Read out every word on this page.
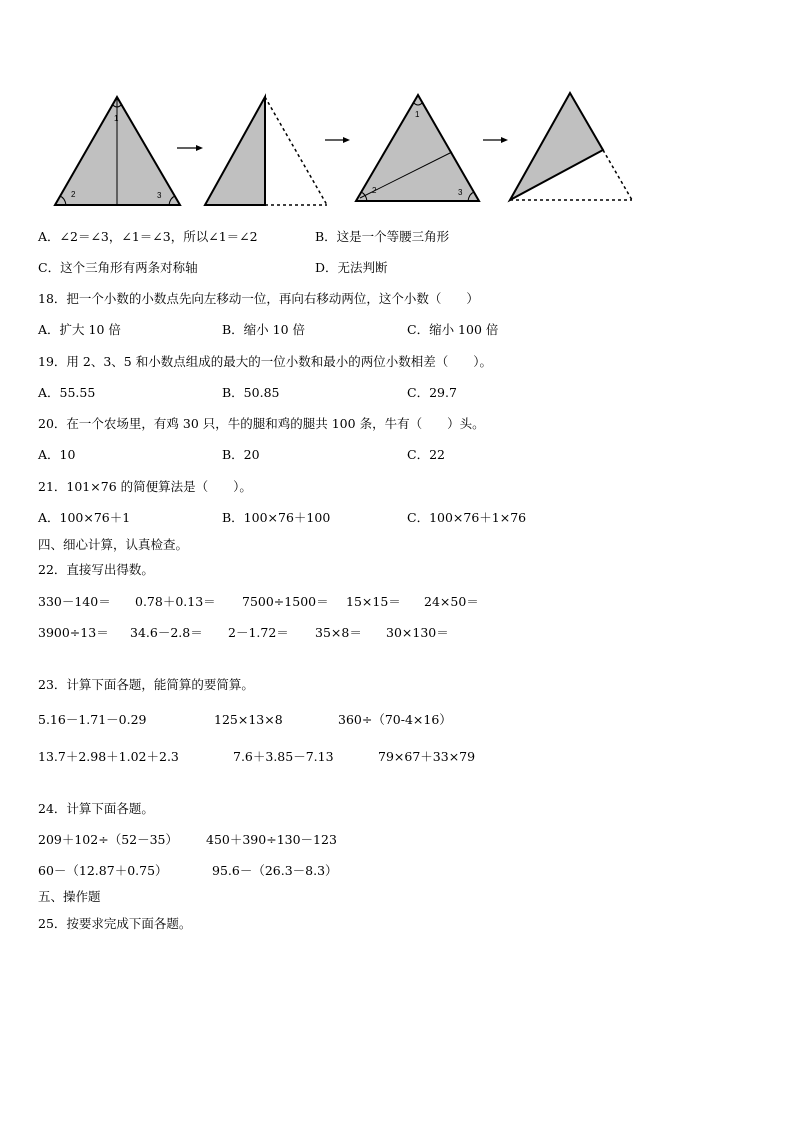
1
2	3
1
2	3
A．∠2＝∠3，∠1＝∠3，所以∠1＝∠2	B．这是一个等腰三角形
C．这个三角形有两条对称轴	D．无法判断
18．把一个小数的小数点先向左移动一位，再向右移动两位，这个小数（　　）
A．扩大 10 倍	B．缩小 10 倍	C．缩小 100 倍
19．用 2、3、5 和小数点组成的最大的一位小数和最小的两位小数相差（　　）。
A．55.55	B．50.85	C．29.7
20．在一个农场里，有鸡 30 只，牛的腿和鸡的腿共 100 条，牛有（　　）头。
A．10	B．20	C．22
21．101×76 的简便算法是（　　）。
A．100×76＋1	B．100×76＋100	C．100×76＋1×76
四、细心计算，认真检查。
22．直接写出得数。
330－140＝ 0.78＋0.13＝ 7500÷1500＝ 15×15＝ 24×50＝
3900÷13＝ 34.6－2.8＝ 2－1.72＝ 35×8＝ 30×130＝
23．计算下面各题，能简算的要简算。
5.16－1.71－0.29	125×13×8	360÷（70-4×16）
13.7＋2.98＋1.02＋2.3	7.6＋3.85－7.13	79×67＋33×79
24．计算下面各题。
209＋102÷（52－35） 450＋390÷130－123
60－（12.87＋0.75）	95.6－（26.3－8.3）
五、操作题
25．按要求完成下面各题。
